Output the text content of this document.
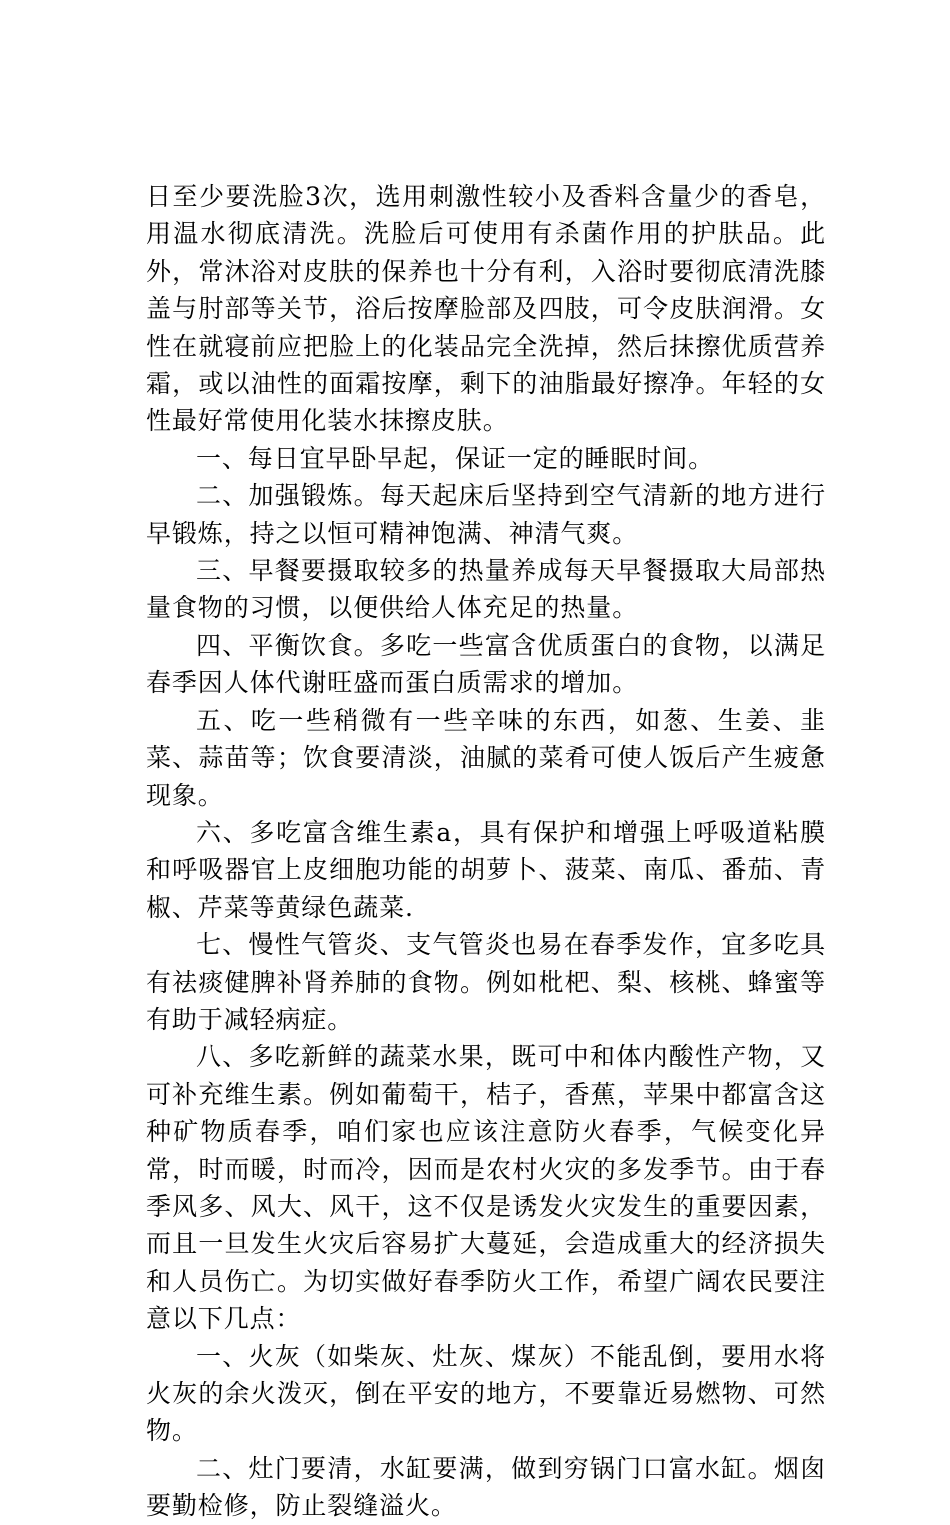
日至少要洗脸3次，选用刺激性较小及香料含量少的香皂，用温水彻底清洗。洗脸后可使用有杀菌作用的护肤品。此外，常沐浴对皮肤的保养也十分有利，入浴时要彻底清洗膝盖与肘部等关节，浴后按摩脸部及四肢，可令皮肤润滑。女性在就寝前应把脸上的化装品完全洗掉，然后抹擦优质营养霜，或以油性的面霜按摩，剩下的油脂最好擦净。年轻的女性最好常使用化装水抹擦皮肤。

一、每日宜早卧早起，保证一定的睡眠时间。

二、加强锻炼。每天起床后坚持到空气清新的地方进行早锻炼，持之以恒可精神饱满、神清气爽。

三、早餐要摄取较多的热量养成每天早餐摄取大局部热量食物的习惯，以便供给人体充足的热量。

四、平衡饮食。多吃一些富含优质蛋白的食物，以满足春季因人体代谢旺盛而蛋白质需求的增加。

五、吃一些稍微有一些辛味的东西，如葱、生姜、韭菜、蒜苗等；饮食要清淡，油腻的菜肴可使人饭后产生疲惫现象。

六、多吃富含维生素a，具有保护和增强上呼吸道粘膜和呼吸器官上皮细胞功能的胡萝卜、菠菜、南瓜、番茄、青椒、芹菜等黄绿色蔬菜.

七、慢性气管炎、支气管炎也易在春季发作，宜多吃具有祛痰健脾补肾养肺的食物。例如枇杷、梨、核桃、蜂蜜等有助于减轻病症。

八、多吃新鲜的蔬菜水果，既可中和体内酸性产物，又可补充维生素。例如葡萄干，桔子，香蕉，苹果中都富含这种矿物质春季，咱们家也应该注意防火春季，气候变化异常，时而暖，时而冷，因而是农村火灾的多发季节。由于春季风多、风大、风干，这不仅是诱发火灾发生的重要因素，而且一旦发生火灾后容易扩大蔓延，会造成重大的经济损失和人员伤亡。为切实做好春季防火工作，希望广阔农民要注意以下几点：

一、火灰（如柴灰、灶灰、煤灰）不能乱倒，要用水将火灰的余火泼灭，倒在平安的地方，不要靠近易燃物、可然物。

二、灶门要清，水缸要满，做到穷锅门口富水缸。烟囱要勤检修，防止裂缝溢火。
